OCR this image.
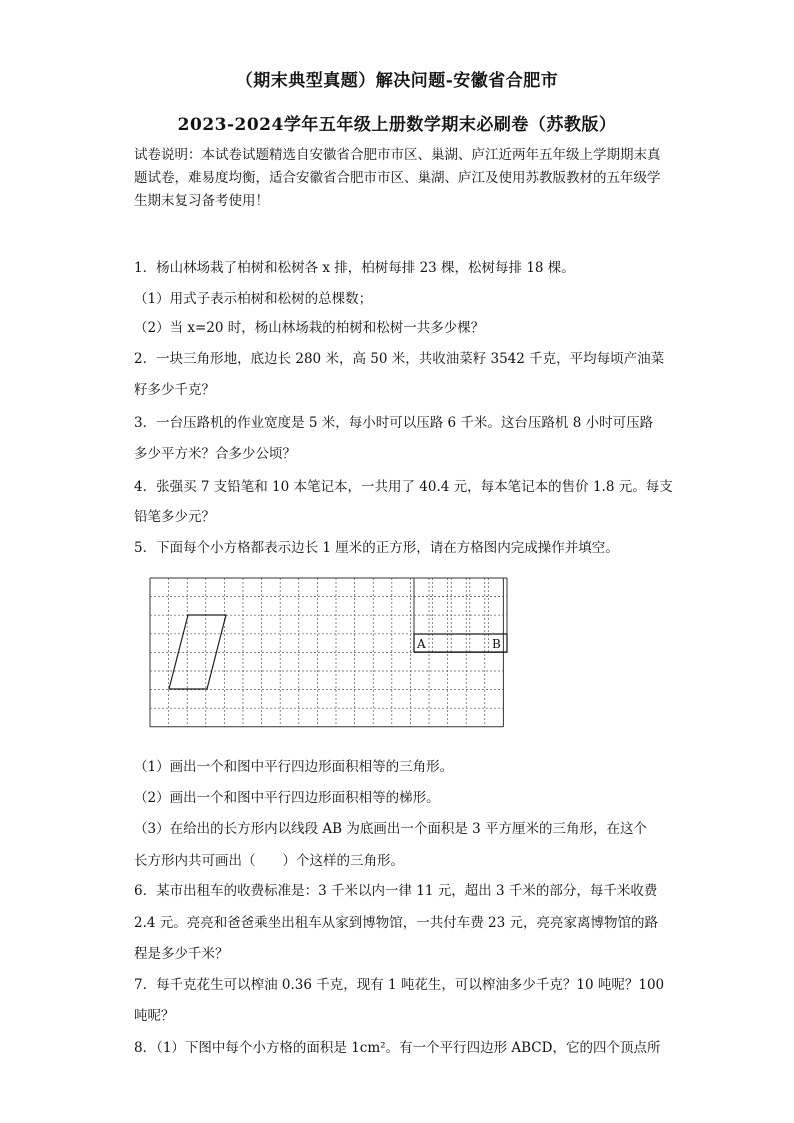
（期末典型真题）解决问题-安徽省合肥市
2023-2024学年五年级上册数学期末必刷卷（苏教版）
试卷说明：本试卷试题精选自安徽省合肥市市区、巢湖、庐江近两年五年级上学期期末真题试卷，难易度均衡，适合安徽省合肥市市区、巢湖、庐江及使用苏教版教材的五年级学生期末复习备考使用！
1．杨山林场栽了柏树和松树各 x 排，柏树每排 23 棵，松树每排 18 棵。
（1）用式子表示柏树和松树的总棵数；
（2）当 x=20 时，杨山林场栽的柏树和松树一共多少棵？
2．一块三角形地，底边长 280 米，高 50 米，共收油菜籽 3542 千克，平均每顷产油菜
籽多少千克？
3．一台压路机的作业宽度是 5 米，每小时可以压路 6 千米。这台压路机 8 小时可压路
多少平方米？合多少公顷？
4．张强买 7 支铅笔和 10 本笔记本，一共用了 40.4 元，每本笔记本的售价 1.8 元。每支
铅笔多少元？
5．下面每个小方格都表示边长 1 厘米的正方形，请在方格图内完成操作并填空。
A	B
（1）画出一个和图中平行四边形面积相等的三角形。
（2）画出一个和图中平行四边形面积相等的梯形。
（3）在给出的长方形内以线段 AB 为底画出一个面积是 3 平方厘米的三角形，在这个
长方形内共可画出（　　）个这样的三角形。
6．某市出租车的收费标准是：3 千米以内一律 11 元，超出 3 千米的部分，每千米收费
2.4 元。亮亮和爸爸乘坐出租车从家到博物馆，一共付车费 23 元，亮亮家离博物馆的路
程是多少千米？
7．每千克花生可以榨油 0.36 千克，现有 1 吨花生，可以榨油多少千克？10 吨呢？100
吨呢？
8．（1）下图中每个小方格的面积是 1cm²。有一个平行四边形 ABCD，它的四个顶点所
